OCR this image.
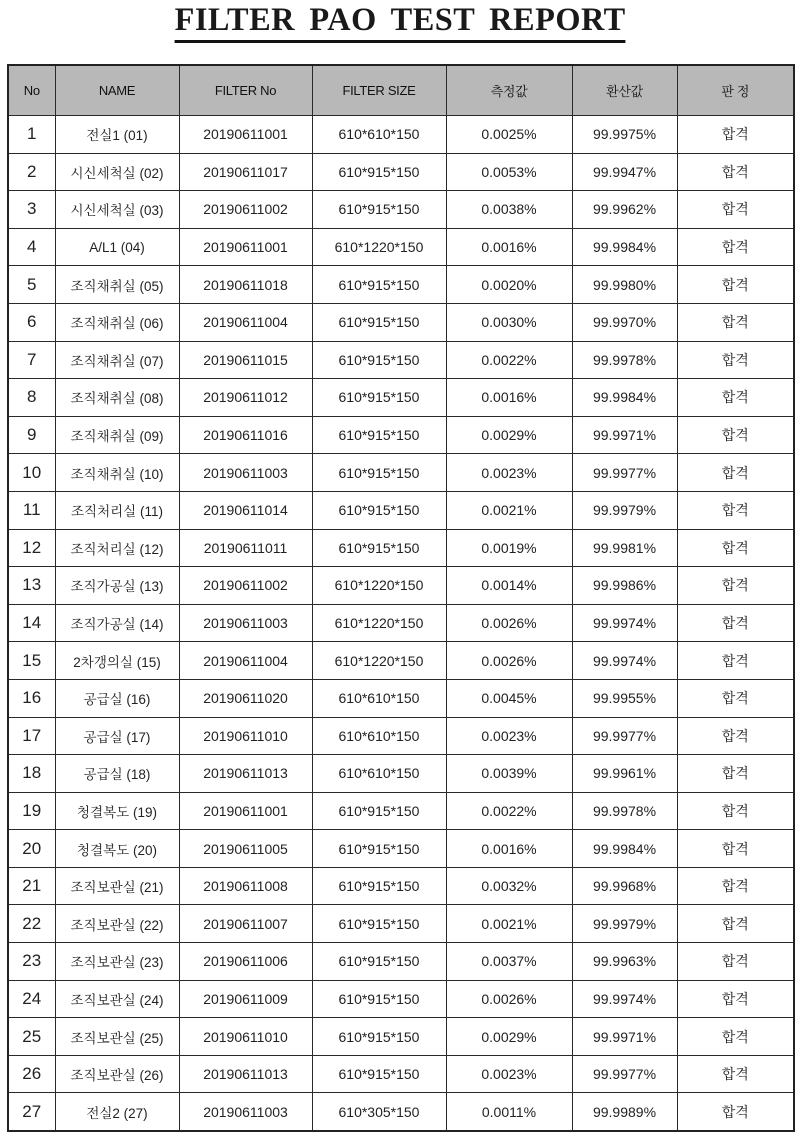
FILTER PAO TEST REPORT
No	NAME	FILTER No	FILTER SIZE	측정값	환산값	판 정
1	전실1 (01)	20190611001	610*610*150	0.0025%	99.9975%	합격
2	시신세척실 (02)	20190611017	610*915*150	0.0053%	99.9947%	합격
3	시신세척실 (03)	20190611002	610*915*150	0.0038%	99.9962%	합격
4	A/L1 (04)	20190611001	610*1220*150	0.0016%	99.9984%	합격
5	조직채취실 (05)	20190611018	610*915*150	0.0020%	99.9980%	합격
6	조직채취실 (06)	20190611004	610*915*150	0.0030%	99.9970%	합격
7	조직채취실 (07)	20190611015	610*915*150	0.0022%	99.9978%	합격
8	조직채취실 (08)	20190611012	610*915*150	0.0016%	99.9984%	합격
9	조직채취실 (09)	20190611016	610*915*150	0.0029%	99.9971%	합격
10	조직채취실 (10)	20190611003	610*915*150	0.0023%	99.9977%	합격
11	조직처리실 (11)	20190611014	610*915*150	0.0021%	99.9979%	합격
12	조직처리실 (12)	20190611011	610*915*150	0.0019%	99.9981%	합격
13	조직가공실 (13)	20190611002	610*1220*150	0.0014%	99.9986%	합격
14	조직가공실 (14)	20190611003	610*1220*150	0.0026%	99.9974%	합격
15	2차갱의실 (15)	20190611004	610*1220*150	0.0026%	99.9974%	합격
16	공급실 (16)	20190611020	610*610*150	0.0045%	99.9955%	합격
17	공급실 (17)	20190611010	610*610*150	0.0023%	99.9977%	합격
18	공급실 (18)	20190611013	610*610*150	0.0039%	99.9961%	합격
19	청결복도 (19)	20190611001	610*915*150	0.0022%	99.9978%	합격
20	청결복도 (20)	20190611005	610*915*150	0.0016%	99.9984%	합격
21	조직보관실 (21)	20190611008	610*915*150	0.0032%	99.9968%	합격
22	조직보관실 (22)	20190611007	610*915*150	0.0021%	99.9979%	합격
23	조직보관실 (23)	20190611006	610*915*150	0.0037%	99.9963%	합격
24	조직보관실 (24)	20190611009	610*915*150	0.0026%	99.9974%	합격
25	조직보관실 (25)	20190611010	610*915*150	0.0029%	99.9971%	합격
26	조직보관실 (26)	20190611013	610*915*150	0.0023%	99.9977%	합격
27	전실2 (27)	20190611003	610*305*150	0.0011%	99.9989%	합격
